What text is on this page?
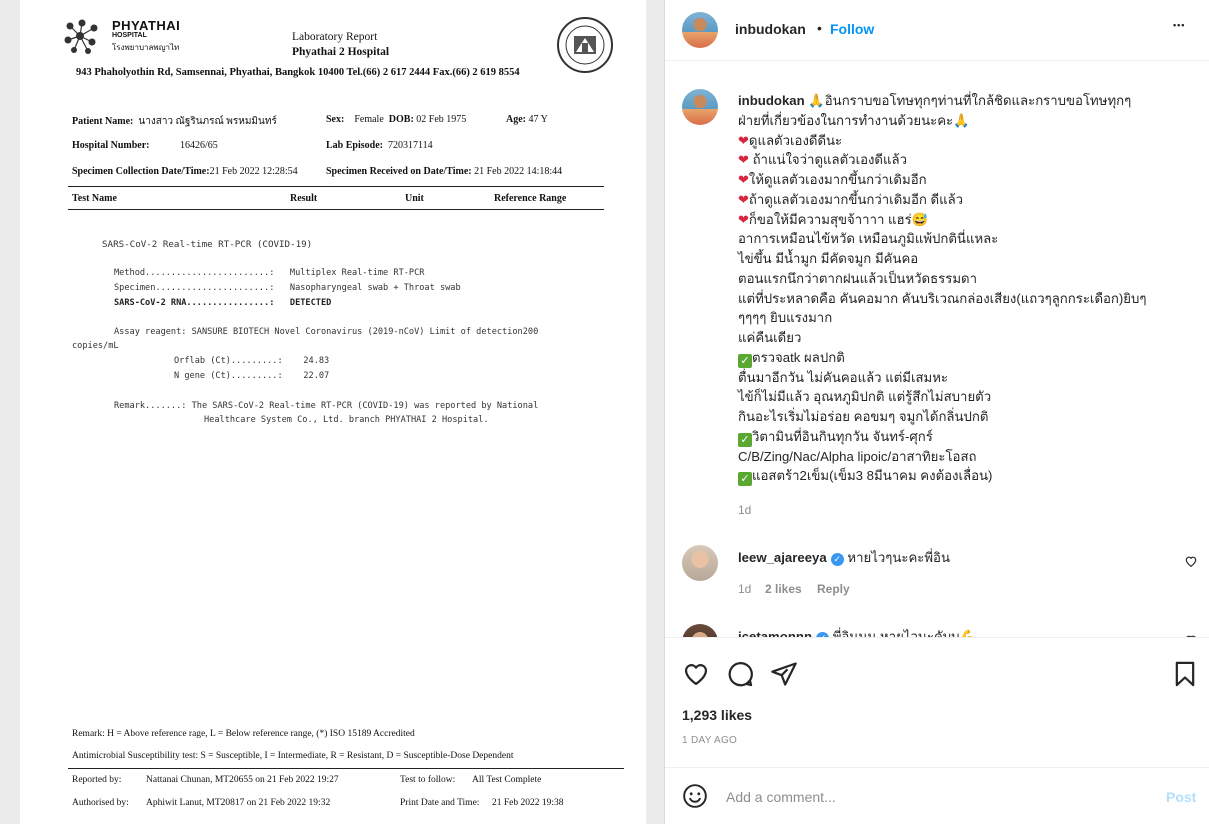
PHYATHAI
HOSPITAL
โรงพยาบาลพญาไท
Laboratory Report
Phyathai 2 Hospital
943 Phaholyothin Rd, Samsennai, Phyathai, Bangkok 10400 Tel.(66) 2 617 2444 Fax.(66) 2 619 8554
Patient Name: นางสาว ณัฐรินภรณ์ พรหมมินทร์	Sex: Female DOB: 02 Feb 1975	Age: 47 Y
Hospital Number:	16426/65	Lab Episode: 720317114
Specimen Collection Date/Time:21 Feb 2022 12:28:54	Specimen Received on Date/Time: 21 Feb 2022 14:18:44
Test Name	Result	Unit	Reference Range
SARS-CoV-2 Real-time RT-PCR (COVID-19)
Method........................:   Multiplex Real-time RT-PCR
Specimen......................:   Nasopharyngeal swab + Throat swab
SARS-CoV-2 RNA................:   DETECTED
Assay reagent: SANSURE BIOTECH Novel Coronavirus (2019-nCoV) Limit of detection200
copies/mL
Orflab (Ct).........:    24.83
N gene (Ct).........:    22.07
Remark.......: The SARS-CoV-2 Real-time RT-PCR (COVID-19) was reported by National
Healthcare System Co., Ltd. branch PHYATHAI 2 Hospital.
Remark: H = Above reference rage, L = Below reference range, (*) ISO 15189 Accredited
Antimicrobial Susceptibility test: S = Susceptible, I = Intermediate, R = Resistant, D = Susceptible-Dose Dependent
Reported by:	Nattanai Chunan, MT20655 on 21 Feb 2022 19:27	Test to follow: All Test Complete
Authorised by: Aphiwit Lanut, MT20817 on 21 Feb 2022 19:32	Print Date and Time: 21 Feb 2022 19:38
inbudokan • Follow	•••
inbudokan 🙏อินกราบขอโทษทุกๆท่านที่ใกล้ชิดและกราบขอโทษทุกๆ
ฝ่ายที่เกี่ยวข้องในการทำงานด้วยนะคะ🙏
❤ดูแลตัวเองดีดีนะ
❤ ถ้าแน่ใจว่าดูแลตัวเองดีแล้ว
❤ให้ดูแลตัวเองมากขึ้นกว่าเดิมอีก
❤ถ้าดูแลตัวเองมากขึ้นกว่าเดิมอีก ดีแล้ว
❤ก็ขอให้มีความสุขจ้าาาา แฮร่😅
อาการเหมือนไข้หวัด เหมือนภูมิแพ้ปกตินี่แหละ
ไข่ขึ้น มีน้ำมูก มีคัดจมูก มีคันคอ
ตอนแรกนึกว่าตากฝนแล้วเป็นหวัดธรรมดา
แต่ที่ประหลาดคือ คันคอมาก คันบริเวณกล่องเสียง(แถวๆลูกกระเดือก)ยิบๆ
ๆๆๆๆ ยิบแรงมาก
แค่คืนเดียว
✓ ตรวจatk ผลปกติ
ตื่นมาอีกวัน ไม่คันคอแล้ว แต่มีเสมหะ
ไข้ก็ไม่มีแล้ว อุณหภูมิปกติ แต่รู้สึกไม่สบายตัว
กินอะไรเริ่มไม่อร่อย คอขมๆ จมูกได้กลิ่นปกติ
✓ วิตามินที่อินกินทุกวัน จันทร์-ศุกร์
C/B/Zing/Nac/Alpha lipoic/อาสาทิยะโอสถ
✓ แอสตร้า2เข็ม(เข็ม3 8มีนาคม คงต้องเลื่อน)
1d
leew_ajareeya ✓ หายไวๆนะคะพี่อิน
1d 2 likes Reply
1,293 likes
1 DAY AGO
Add a comment...	Post
